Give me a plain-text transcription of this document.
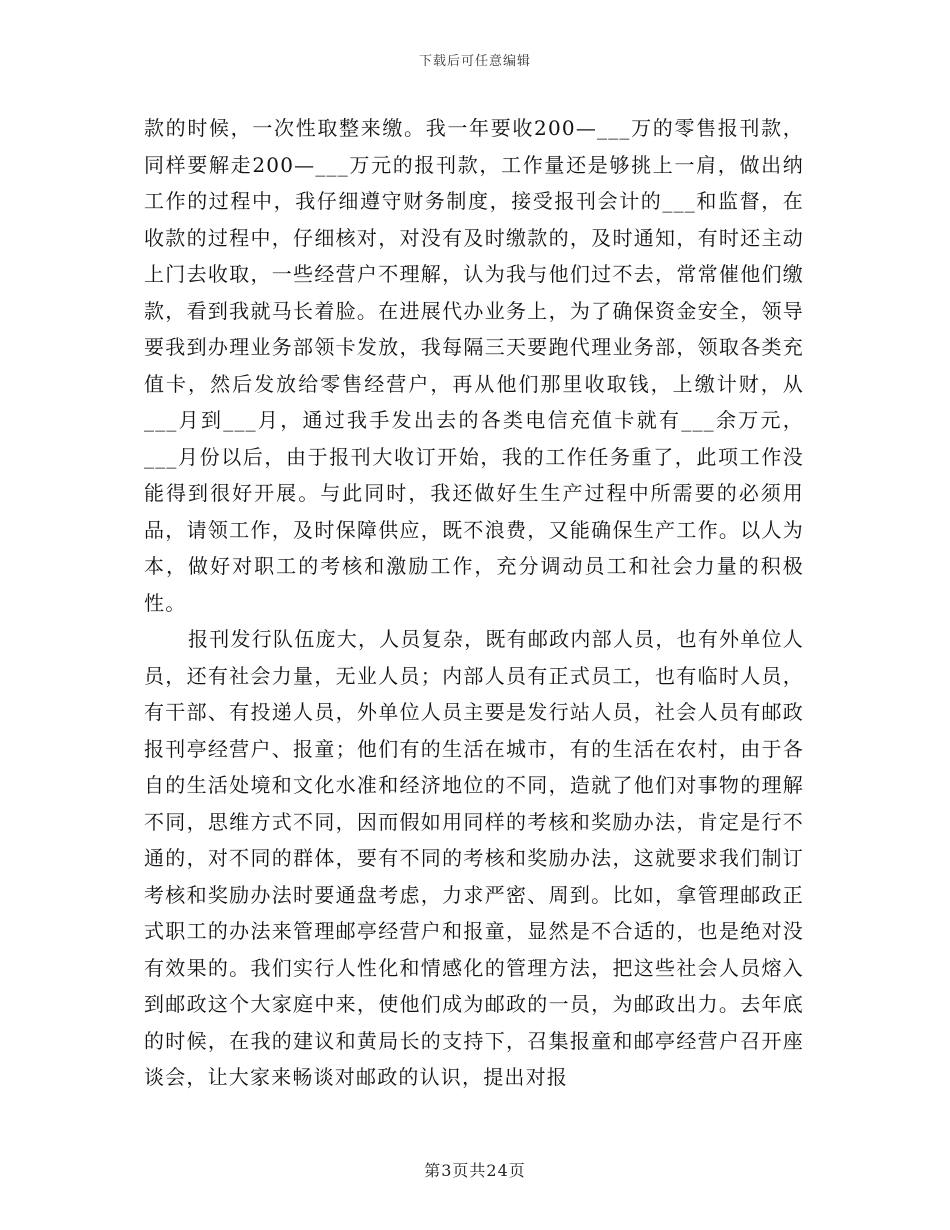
下载后可任意编辑

款的时候，一次性取整来缴。我一年要收200—___万的零售报刊款，同样要解走200—___万元的报刊款，工作量还是够挑上一肩，做出纳工作的过程中，我仔细遵守财务制度，接受报刊会计的___和监督，在收款的过程中，仔细核对，对没有及时缴款的，及时通知，有时还主动上门去收取，一些经营户不理解，认为我与他们过不去，常常催他们缴款，看到我就马长着脸。在进展代办业务上，为了确保资金安全，领导要我到办理业务部领卡发放，我每隔三天要跑代理业务部，领取各类充值卡，然后发放给零售经营户，再从他们那里收取钱，上缴计财，从___月到___月，通过我手发出去的各类电信充值卡就有___余万元，___月份以后，由于报刊大收订开始，我的工作任务重了，此项工作没能得到很好开展。与此同时，我还做好生生产过程中所需要的必须用品，请领工作，及时保障供应，既不浪费，又能确保生产工作。以人为本，做好对职工的考核和激励工作，充分调动员工和社会力量的积极性。

报刊发行队伍庞大，人员复杂，既有邮政内部人员，也有外单位人员，还有社会力量，无业人员；内部人员有正式员工，也有临时人员，有干部、有投递人员，外单位人员主要是发行站人员，社会人员有邮政报刊亭经营户、报童；他们有的生活在城市，有的生活在农村，由于各自的生活处境和文化水准和经济地位的不同，造就了他们对事物的理解不同，思维方式不同，因而假如用同样的考核和奖励办法，肯定是行不通的，对不同的群体，要有不同的考核和奖励办法，这就要求我们制订考核和奖励办法时要通盘考虑，力求严密、周到。比如，拿管理邮政正式职工的办法来管理邮亭经营户和报童，显然是不合适的，也是绝对没有效果的。我们实行人性化和情感化的管理方法，把这些社会人员熔入到邮政这个大家庭中来，使他们成为邮政的一员，为邮政出力。去年底的时候，在我的建议和黄局长的支持下，召集报童和邮亭经营户召开座谈会，让大家来畅谈对邮政的认识，提出对报

第3页共24页
